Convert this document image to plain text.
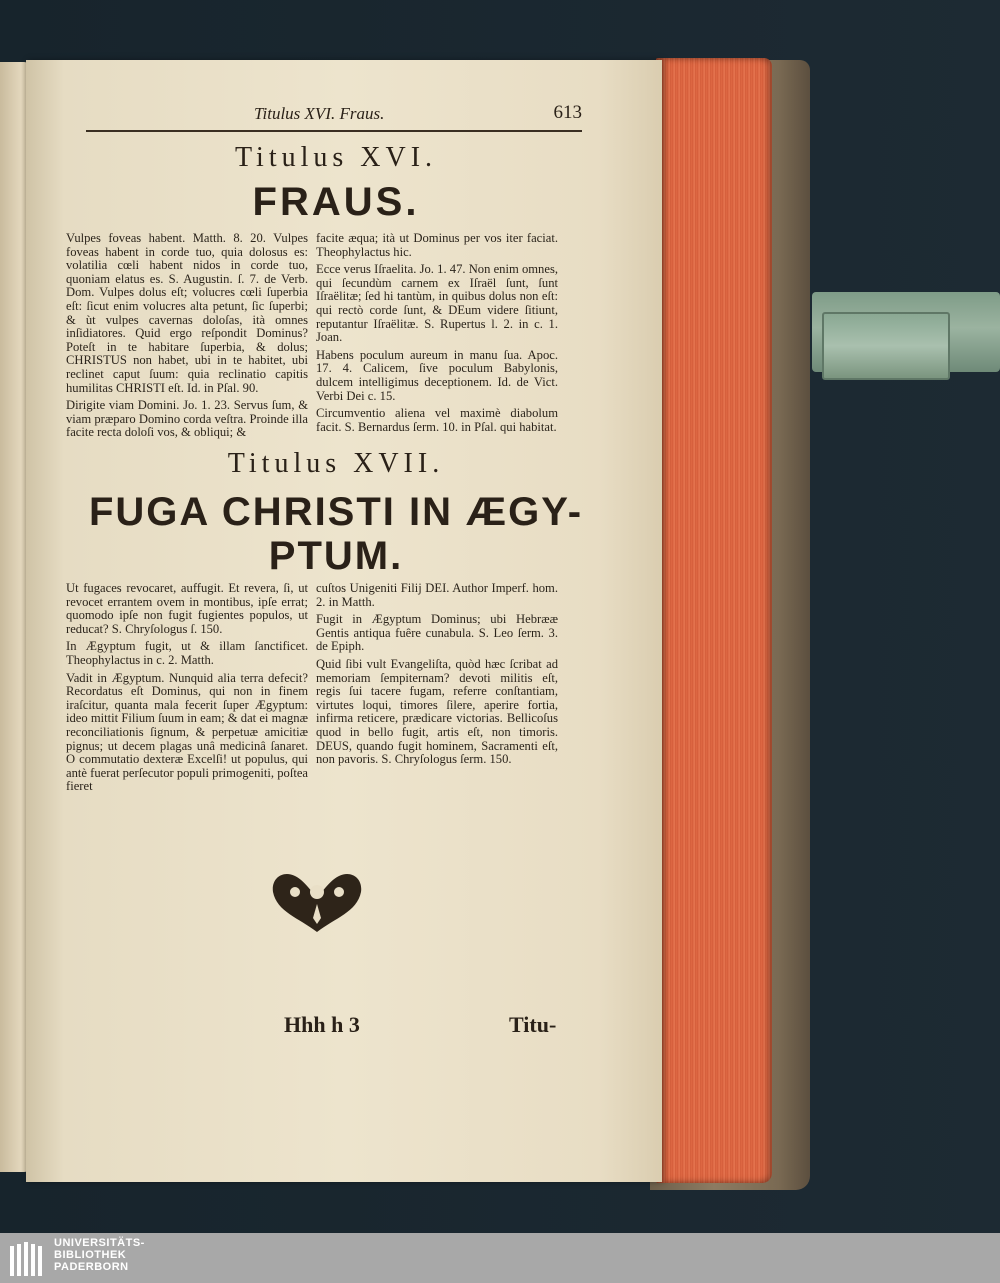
Titulus XVI. Fraus.	613
Titulus XVI.
FRAUS.

Vulpes foveas habent. Matth. 8. 20. Vulpes foveas habent in corde tuo, quia dolosus es: volatilia cœli habent nidos in corde tuo, quoniam elatus es. S. Augustin. ſ. 7. de Verb. Dom. Vulpes dolus eſt; volucres cœli ſuperbia eſt: ſicut enim volucres alta petunt, ſic ſuperbi; & ùt vulpes cavernas doloſas, ità omnes inſidiatores. Quid ergo reſpondit Dominus? Poteſt in te habitare ſuperbia, & dolus; CHRISTUS non habet, ubi in te habitet, ubi reclinet caput ſuum: quia reclinatio capitis humilitas CHRISTI eſt. Id. in Pſal. 90.

Dirigite viam Domini. Jo. 1. 23. Servus ſum, & viam præparo Domino corda veſtra. Proinde illa facite recta doloſi vos, & obliqui; &

facite æqua; ità ut Dominus per vos iter faciat. Theophylactus hic.

Ecce verus Iſraelita. Jo. 1. 47. Non enim omnes, qui ſecundùm carnem ex Iſraël ſunt, ſunt Iſraëlitæ; ſed hi tantùm, in quibus dolus non eſt: qui rectò corde ſunt, & DEum videre ſitiunt, reputantur Iſraëlitæ. S. Rupertus l. 2. in c. 1. Joan.

Habens poculum aureum in manu ſua. Apoc. 17. 4. Calicem, ſive poculum Babylonis, dulcem intelligimus deceptionem. Id. de Vict. Verbi Dei c. 15.

Circumventio aliena vel maximè diabolum facit. S. Bernardus ſerm. 10. in Pſal. qui habitat.

Titulus XVII.
FUGA CHRISTI IN ÆGY-
PTUM.

Ut fugaces revocaret, auffugit. Et revera, ſi, ut revocet errantem ovem in montibus, ipſe errat; quomodo ipſe non fugit fugientes populos, ut reducat? S. Chryſologus ſ. 150.

In Ægyptum fugit, ut & illam ſanctificet. Theophylactus in c. 2. Matth.

Vadit in Ægyptum. Nunquid alia terra defecit? Recordatus eſt Dominus, qui non in finem iraſcitur, quanta mala fecerit ſuper Ægyptum: ideo mittit Filium ſuum in eam; & dat ei magnæ reconciliationis ſignum, & perpetuæ amicitiæ pignus; ut decem plagas unâ medicinâ ſanaret. O commutatio dexteræ Excelſi! ut populus, qui antè fuerat perſecutor populi primogeniti, poſtea fieret

cuſtos Unigeniti Filij DEI. Author Imperf. hom. 2. in Matth.

Fugit in Ægyptum Dominus; ubi Hebrææ Gentis antiqua fuêre cunabula. S. Leo ſerm. 3. de Epiph.

Quid ſibi vult Evangeliſta, quòd hæc ſcribat ad memoriam ſempiternam? devoti militis eſt, regis ſui tacere fugam, referre conſtantiam, virtutes loqui, timores ſilere, aperire fortia, infirma reticere, prædicare victorias. Bellicoſus quod in bello fugit, artis eſt, non timoris. DEUS, quando fugit hominem, Sacramenti eſt, non pavoris. S. Chryſologus ſerm. 150.

Hhh h 3	Titu-
UNIVERSITÄTS-
BIBLIOTHEK
PADERBORN
